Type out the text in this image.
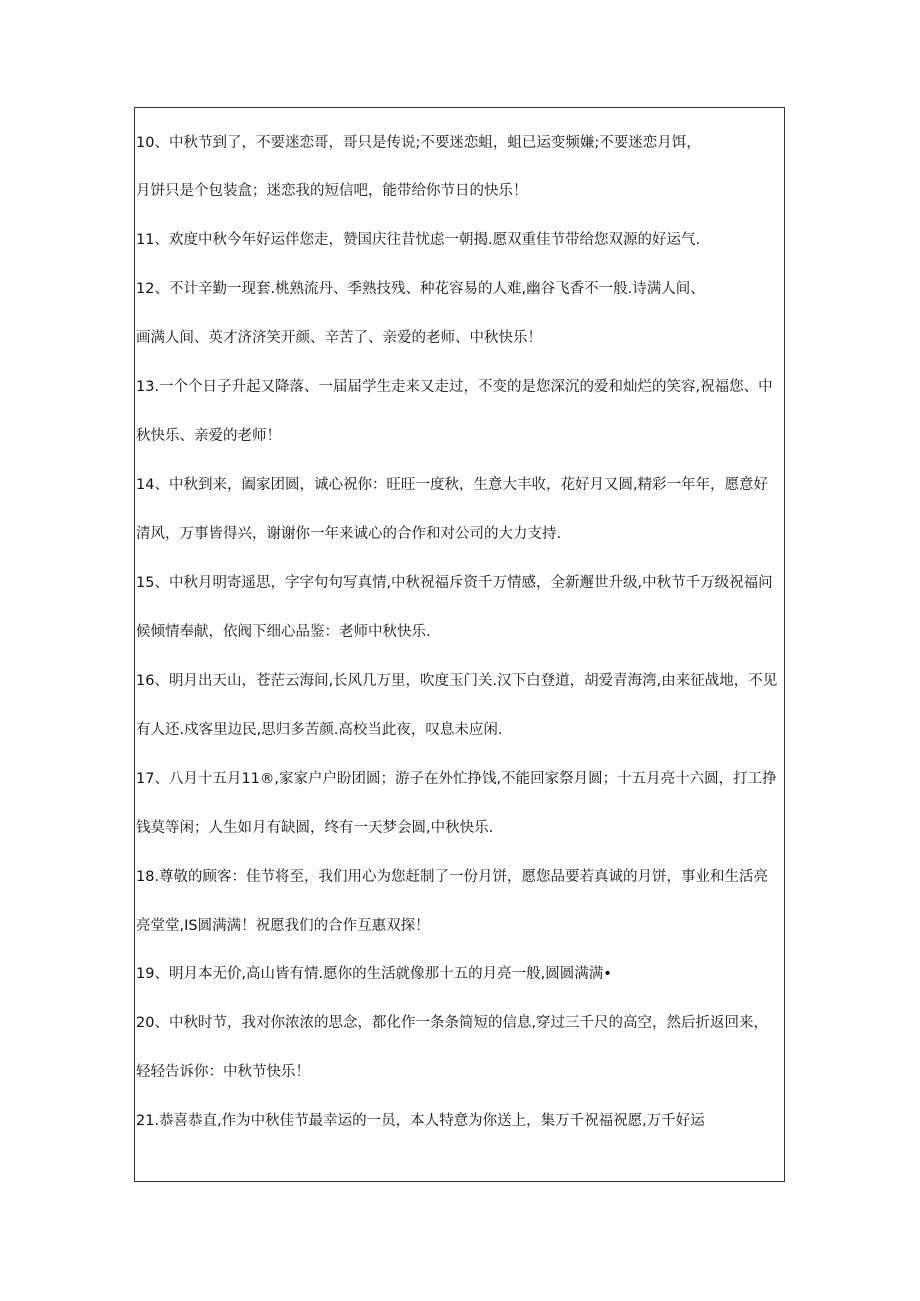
10、中秋节到了，不要迷恋哥，哥只是传说;不要迷恋蛆，蛆已运变频嫌;不要迷恋月饵，
月饼只是个包装盒；迷恋我的短信吧，能带给你节日的快乐！
11、欢度中秋今年好运伴您走，赞国庆往昔忧虑一朝揭.愿双重佳节带给您双源的好运气.
12、不计辛勤一现套.桃熟流丹、季熟技残、种花容易的人难,幽谷飞香不一般.诗满人间、
画满人间、英才济济笑开颜、辛苦了、亲爱的老师、中秋快乐！
13.一个个日子升起又降落、一届届学生走来又走过，不变的是您深沉的爱和灿烂的笑容,祝福您、中
秋快乐、亲爱的老师！
14、中秋到来，阖家团圆，诚心祝你：旺旺一度秋，生意大丰收，花好月又圆,精彩一年年，愿意好
清风，万事皆得兴，谢谢你一年来诚心的合作和对公司的大力支持.
15、中秋月明寄遥思，字字句句写真情,中秋祝福斥资千万情感，全新邂世升级,中秋节千万级祝福问
候倾情奉献，依阀下细心品鉴：老师中秋快乐.
16、明月出天山，苍茫云海间,长风几万里，吹度玉门关.汉下白登道，胡爱青海湾,由来征战地，不见
有人还.戍客里边民,思归多苦颜.高校当此夜，叹息未应闲.
17、八月十五月11®,家家户户盼团圆；游子在外忙挣饯,不能回家祭月圆；十五月亮十六圆，打工挣
钱莫等闲；人生如月有缺圆，终有一天梦会圆,中秋快乐.
18.尊敬的顾客：佳节将至，我们用心为您赶制了一份月饼，愿您品要若真诚的月饼，事业和生活亮
亮堂堂,IS圆满满！祝愿我们的合作互惠双探！
19、明月本无价,高山皆有情.愿你的生活就像那十五的月亮一般,圆圆满满•
20、中秋时节，我对你浓浓的思念，都化作一条条简短的信息,穿过三千尺的高空，然后折返回来，
轻轻告诉你：中秋节快乐！
21.恭喜恭直,作为中秋佳节最幸运的一员，本人特意为你送上，集万千祝福祝愿,万千好运
